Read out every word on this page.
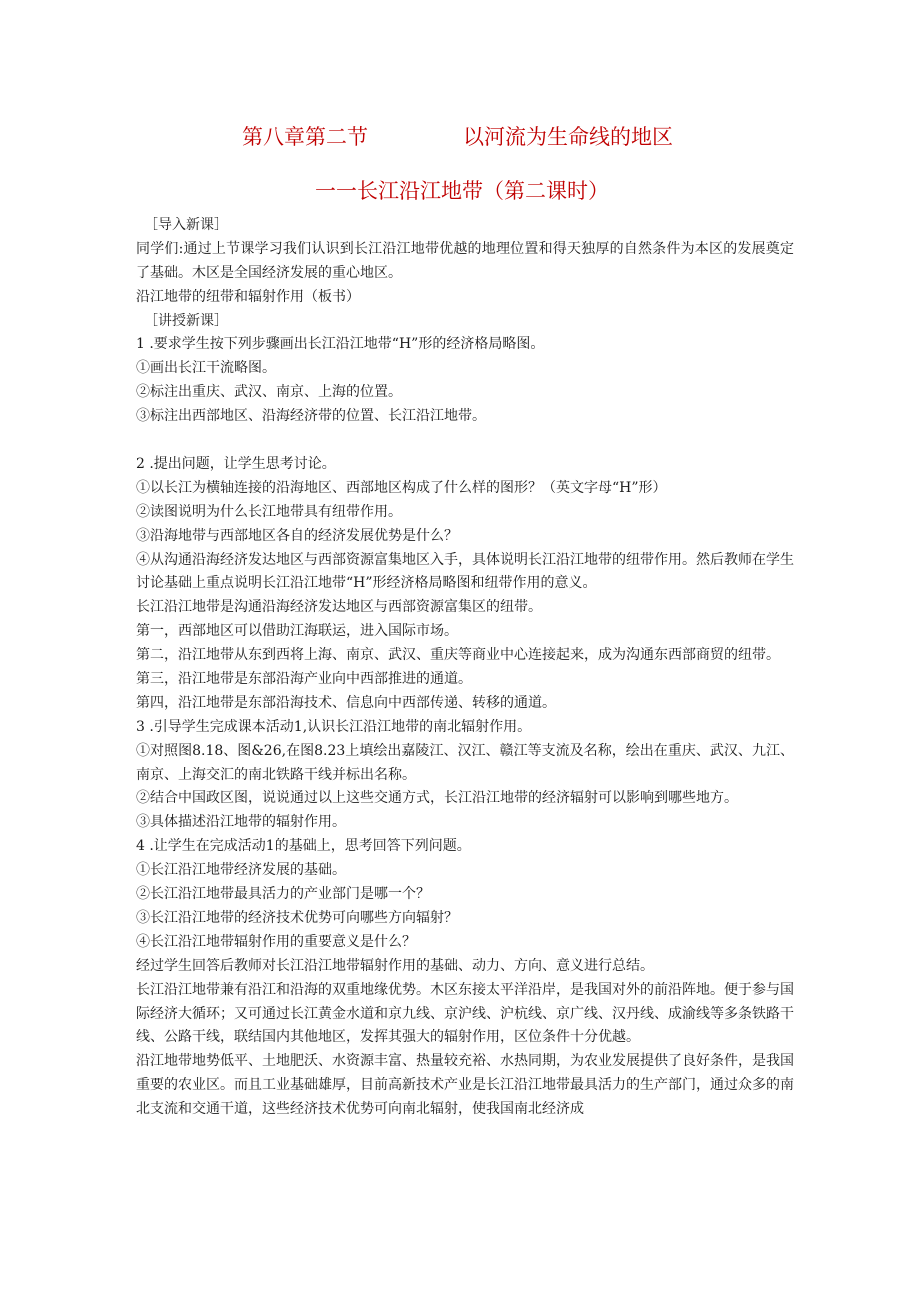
第八章第二节	以河流为生命线的地区
一一长江沿江地带（第二课时）
［导入新课］
同学们:通过上节课学习我们认识到长江沿江地带优越的地理位置和得天独厚的自然条件为本区的发展奠定了基础。木区是全国经济发展的重心地区。
沿江地带的纽带和辐射作用（板书）
［讲授新课］
1 .要求学生按下列步骤画出长江沿江地带“H”形的经济格局略图。
①画出长江干流略图。
②标注出重庆、武汉、南京、上海的位置。
③标注出西部地区、沿海经济带的位置、长江沿江地带。
2 .提出问题，让学生思考讨论。
①以长江为横轴连接的沿海地区、西部地区构成了什么样的图形？（英文字母“H”形）
②读图说明为什么长江地带具有纽带作用。
③沿海地带与西部地区各自的经济发展优势是什么？
④从沟通沿海经济发达地区与西部资源富集地区入手，具体说明长江沿江地带的纽带作用。然后教师在学生讨论基础上重点说明长江沿江地带“H”形经济格局略图和纽带作用的意义。
长江沿江地带是沟通沿海经济发达地区与西部资源富集区的纽带。
第一，西部地区可以借助江海联运，进入国际市场。
第二，沿江地带从东到西将上海、南京、武汉、重庆等商业中心连接起来，成为沟通东西部商贸的纽带。
第三，沿江地带是东部沿海产业向中西部推进的通道。
第四，沿江地带是东部沿海技术、信息向中西部传递、转移的通道。
3 .引导学生完成课本活动1,认识长江沿江地带的南北辐射作用。
①对照图8.18、图&26,在图8.23上填绘出嘉陵江、汉江、赣江等支流及名称，绘出在重庆、武汉、九江、南京、上海交汇的南北铁路干线并标出名称。
②结合中国政区图，说说通过以上这些交通方式，长江沿江地带的经济辐射可以影响到哪些地方。
③具体描述沿江地带的辐射作用。
4 .让学生在完成活动1的基础上，思考回答下列问题。
①长江沿江地带经济发展的基础。
②长江沿江地带最具活力的产业部门是哪一个？
③长江沿江地带的经济技术优势可向哪些方向辐射？
④长江沿江地带辐射作用的重要意义是什么？
经过学生回答后教师对长江沿江地带辐射作用的基础、动力、方向、意义进行总结。
长江沿江地带兼有沿江和沿海的双重地缘优势。木区东接太平洋沿岸，是我国对外的前沿阵地。便于参与国际经济大循环；又可通过长江黄金水道和京九线、京沪线、沪杭线、京广线、汉丹线、成渝线等多条铁路干线、公路干线，联结国内其他地区，发挥其强大的辐射作用，区位条件十分优越。
沿江地带地势低平、土地肥沃、水资源丰富、热量较充裕、水热同期，为农业发展提供了良好条件，是我国重要的农业区。而且工业基础雄厚，目前高新技术产业是长江沿江地带最具活力的生产部门，通过众多的南北支流和交通干道，这些经济技术优势可向南北辐射，使我国南北经济成
